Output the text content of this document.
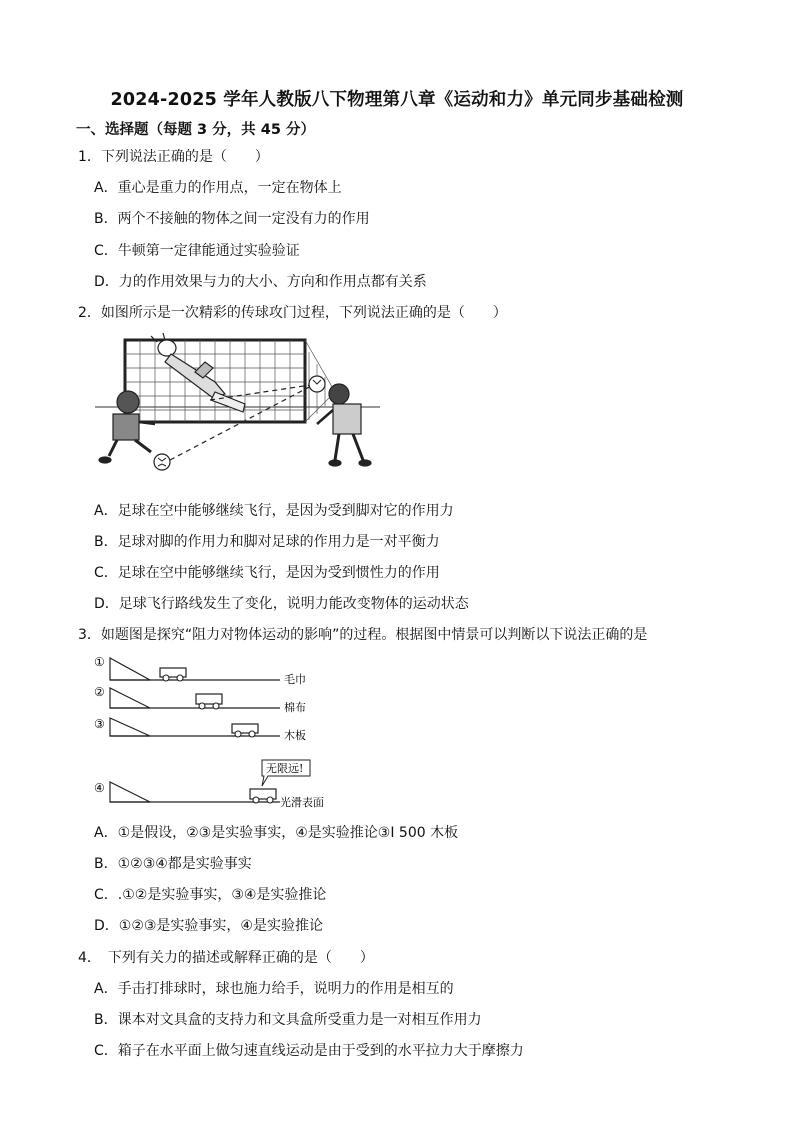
2024-2025 学年人教版八下物理第八章《运动和力》单元同步基础检测
一、选择题（每题 3 分，共 45 分）
1．下列说法正确的是（　　）
A．重心是重力的作用点，一定在物体上
B．两个不接触的物体之间一定没有力的作用
C．牛顿第一定律能通过实验验证
D．力的作用效果与力的大小、方向和作用点都有关系
2．如图所示是一次精彩的传球攻门过程，下列说法正确的是（　　）
A．足球在空中能够继续飞行，是因为受到脚对它的作用力
B．足球对脚的作用力和脚对足球的作用力是一对平衡力
C．足球在空中能够继续飞行，是因为受到惯性力的作用
D．足球飞行路线发生了变化，说明力能改变物体的运动状态
3．如题图是探究“阻力对物体运动的影响”的过程。根据图中情景可以判断以下说法正确的是
①
毛巾
②
棉布
③
木板
④
无限远!
光滑表面
A．①是假设，②③是实验事实，④是实验推论③I 500 木板
B．①②③④都是实验事实
C．.①②是实验事实，③④是实验推论
D．①②③是实验事实，④是实验推论
4．　下列有关力的描述或解释正确的是（　　）
A．手击打排球时，球也施力给手，说明力的作用是相互的
B．课本对文具盒的支持力和文具盒所受重力是一对相互作用力
C．箱子在水平面上做匀速直线运动是由于受到的水平拉力大于摩擦力
